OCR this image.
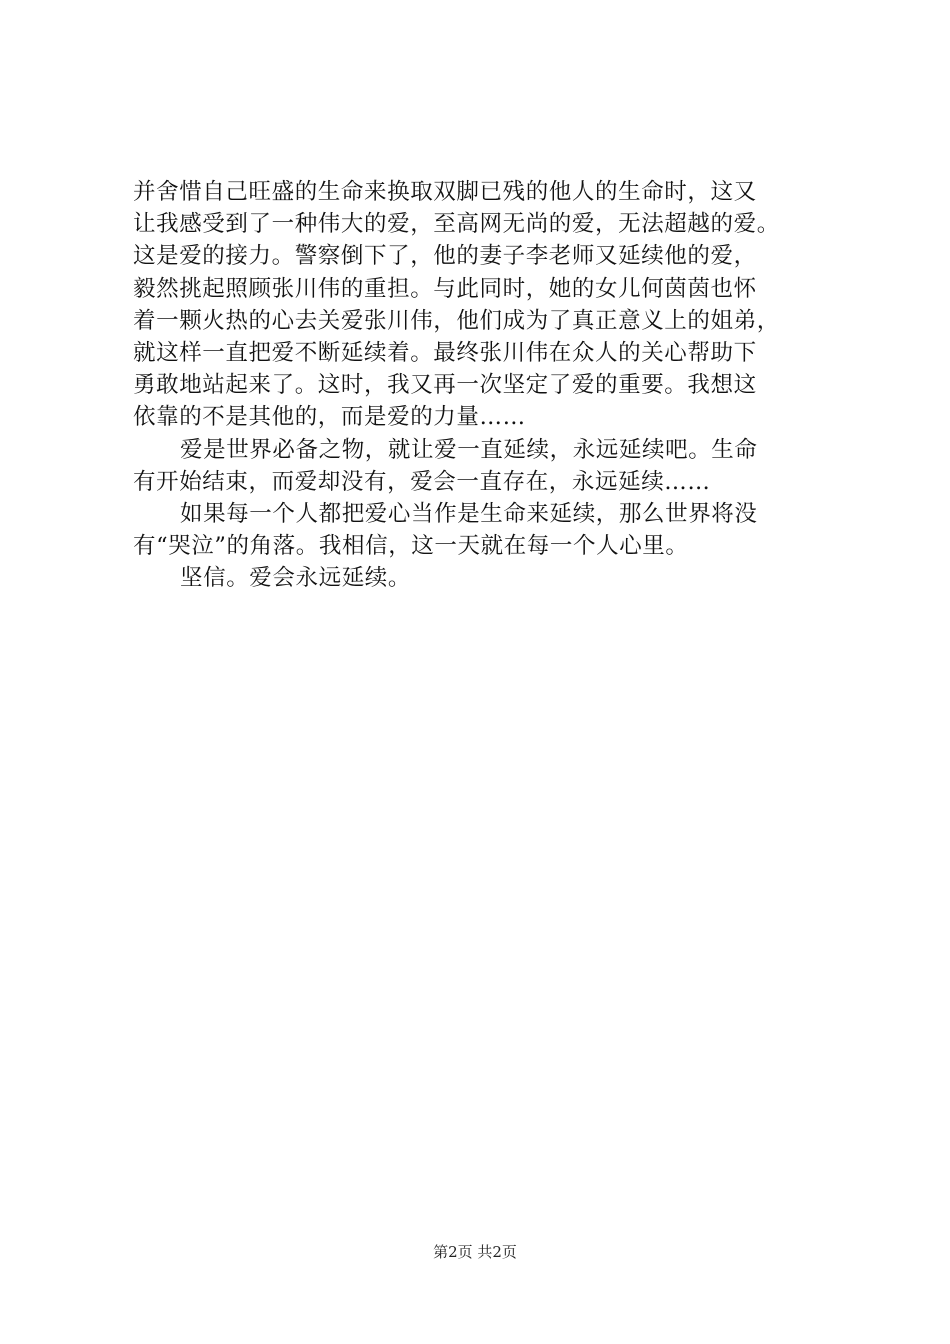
并舍惜自己旺盛的生命来换取双脚已残的他人的生命时，这又
让我感受到了一种伟大的爱，至高网无尚的爱，无法超越的爱。
这是爱的接力。警察倒下了，他的妻子李老师又延续他的爱，
毅然挑起照顾张川伟的重担。与此同时，她的女儿何茵茵也怀
着一颗火热的心去关爱张川伟，他们成为了真正意义上的姐弟，
就这样一直把爱不断延续着。最终张川伟在众人的关心帮助下
勇敢地站起来了。这时，我又再一次坚定了爱的重要。我想这
依靠的不是其他的，而是爱的力量……
爱是世界必备之物，就让爱一直延续，永远延续吧。生命
有开始结束，而爱却没有，爱会一直存在，永远延续……
如果每一个人都把爱心当作是生命来延续，那么世界将没
有“哭泣”的角落。我相信，这一天就在每一个人心里。
坚信。爱会永远延续。
第2页 共2页
